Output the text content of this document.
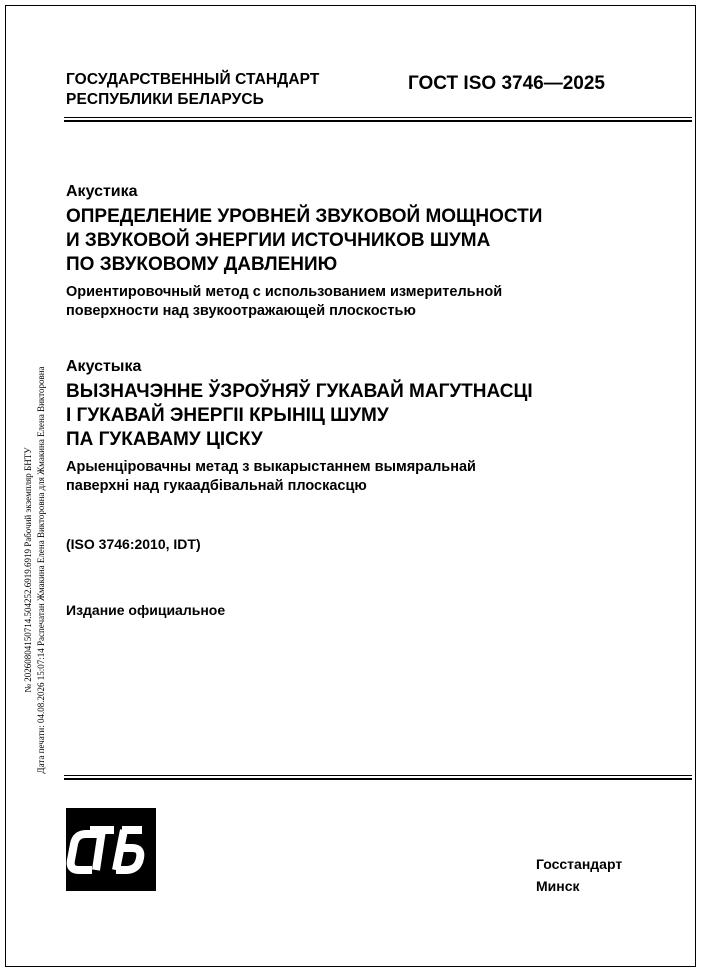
№ 20260804150714.504252.6919.6919 Рабочий экземпляр БНТУ Дата печати: 04.08.2026 15:07:14 Распечатан Жмакина Елена Викторовна для Жмакина Елена Викторовна
ГОСУДАРСТВЕННЫЙ СТАНДАРТ
РЕСПУБЛИКИ БЕЛАРУСЬ
ГОСТ ISO 3746—2025
Акустика
ОПРЕДЕЛЕНИЕ УРОВНЕЙ ЗВУКОВОЙ МОЩНОСТИ
И ЗВУКОВОЙ ЭНЕРГИИ ИСТОЧНИКОВ ШУМА
ПО ЗВУКОВОМУ ДАВЛЕНИЮ
Ориентировочный метод с использованием измерительной
поверхности над звукоотражающей плоскостью
Акустыка
ВЫЗНАЧЭННЕ ЎЗРОЎНЯЎ ГУКАВАЙ МАГУТНАСЦІ
І ГУКАВАЙ ЭНЕРГІІ КРЫНІЦ ШУМУ
ПА ГУКАВАМУ ЦІСКУ
Арыенціровачны метад з выкарыстаннем вымяральнай
паверхні над гукаадбівальнай плоскасцю
(ISO 3746:2010, IDT)
Издание официальное
Госстандарт
Минск
